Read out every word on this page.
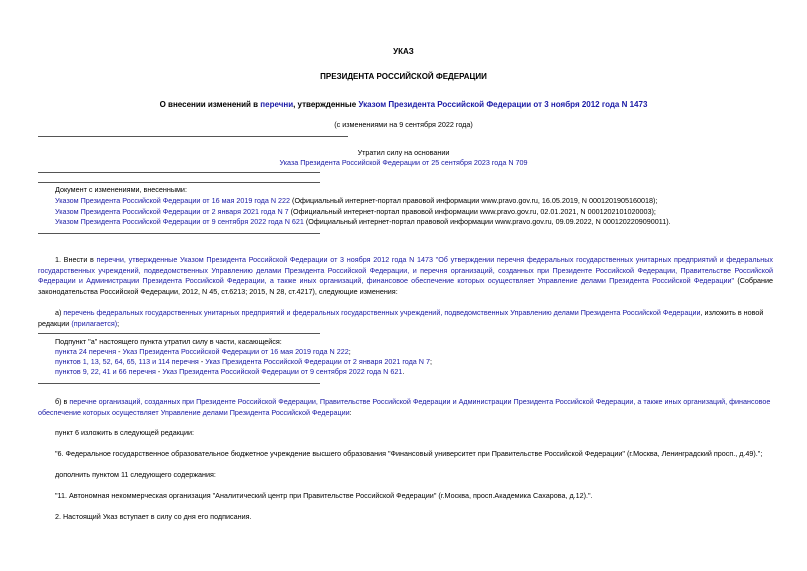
УКАЗ
ПРЕЗИДЕНТА РОССИЙСКОЙ ФЕДЕРАЦИИ
О внесении изменений в перечни, утвержденные Указом Президента Российской Федерации от 3 ноября 2012 года N 1473
(с изменениями на 9 сентября 2022 года)
Утратил силу на основании
Указа Президента Российской Федерации от 25 сентября 2023 года N 709
Документ с изменениями, внесенными:
Указом Президента Российской Федерации от 16 мая 2019 года N 222 (Официальный интернет-портал правовой информации www.pravo.gov.ru, 16.05.2019, N 0001201905160018);
Указом Президента Российской Федерации от 2 января 2021 года N 7 (Официальный интернет-портал правовой информации www.pravo.gov.ru, 02.01.2021, N 0001202101020003);
Указом Президента Российской Федерации от 9 сентября 2022 года N 621 (Официальный интернет-портал правовой информации www.pravo.gov.ru, 09.09.2022, N 0001202209090011).
1. Внести в перечни, утвержденные Указом Президента Российской Федерации от 3 ноября 2012 года N 1473 "Об утверждении перечня федеральных государственных унитарных предприятий и федеральных государственных учреждений, подведомственных Управлению делами Президента Российской Федерации, и перечня организаций, созданных при Президенте Российской Федерации, Правительстве Российской Федерации и Администрации Президента Российской Федерации, а также иных организаций, финансовое обеспечение которых осуществляет Управление делами Президента Российской Федерации" (Собрание законодательства Российской Федерации, 2012, N 45, ст.6213; 2015, N 28, ст.4217), следующие изменения:
а) перечень федеральных государственных унитарных предприятий и федеральных государственных учреждений, подведомственных Управлению делами Президента Российской Федерации, изложить в новой редакции (прилагается);
Подпункт "а" настоящего пункта утратил силу в части, касающейся:
пункта 24 перечня - Указ Президента Российской Федерации от 16 мая 2019 года N 222;
пунктов 1, 13, 52, 64, 65, 113 и 114 перечня - Указ Президента Российской Федерации от 2 января 2021 года N 7;
пунктов 9, 22, 41 и 66 перечня - Указ Президента Российской Федерации от 9 сентября 2022 года N 621.
б) в перечне организаций, созданных при Президенте Российской Федерации, Правительстве Российской Федерации и Администрации Президента Российской Федерации, а также иных организаций, финансовое обеспечение которых осуществляет Управление делами Президента Российской Федерации:
пункт 6 изложить в следующей редакции:
"6. Федеральное государственное образовательное бюджетное учреждение высшего образования "Финансовый университет при Правительстве Российской Федерации" (г.Москва, Ленинградский просп., д.49).";
дополнить пунктом 11 следующего содержания:
"11. Автономная некоммерческая организация "Аналитический центр при Правительстве Российской Федерации" (г.Москва, просп.Академика Сахарова, д.12).".
2. Настоящий Указ вступает в силу со дня его подписания.
